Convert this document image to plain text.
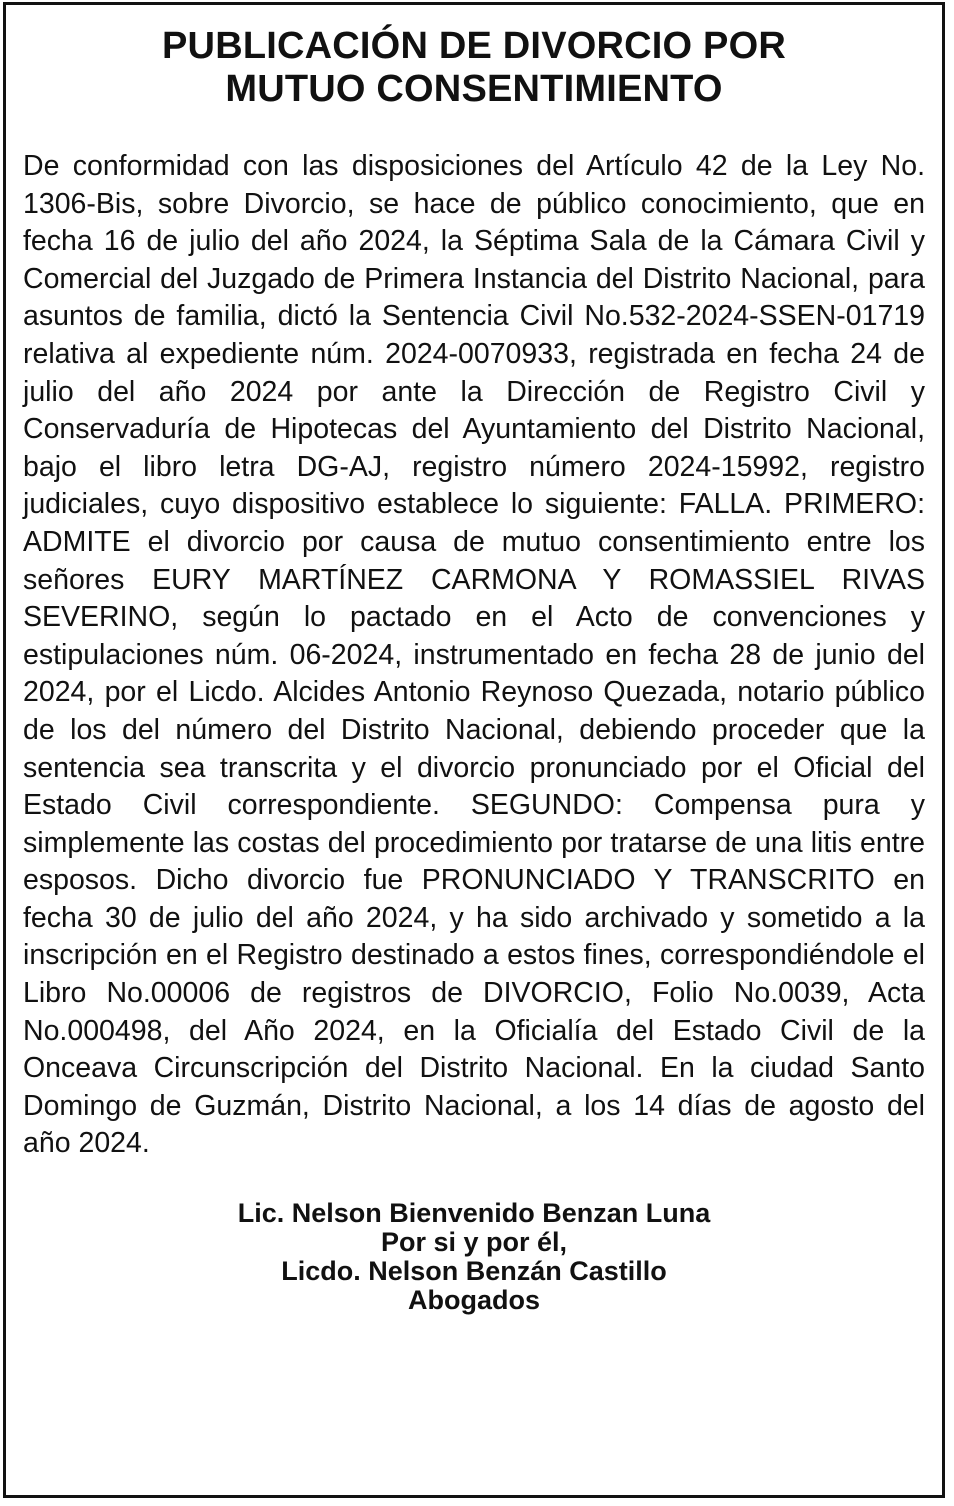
PUBLICACIÓN DE DIVORCIO POR
MUTUO CONSENTIMIENTO

De conformidad con las disposiciones del Artículo 42 de la Ley No. 1306-Bis, sobre Divorcio, se hace de público conocimiento, que en fecha 16 de julio del año 2024, la Séptima Sala de la Cámara Civil y Comercial del Juzgado de Primera Instancia del Distrito Nacional, para asuntos de familia, dictó la Sentencia Civil No.532-2024-SSEN-01719 relativa al expediente núm. 2024-0070933, registrada en fecha 24 de julio del año 2024 por ante la Dirección de Registro Civil y Conservaduría de Hipotecas del Ayuntamiento del Distrito Nacional, bajo el libro letra DG-AJ, registro número 2024-15992, registro judiciales, cuyo dispositivo establece lo siguiente: FALLA. PRIMERO: ADMITE el divorcio por causa de mutuo consentimiento entre los señores EURY MARTÍNEZ CARMONA Y ROMASSIEL RIVAS SEVERINO, según lo pactado en el Acto de convenciones y estipulaciones núm. 06-2024, instrumentado en fecha 28 de junio del 2024, por el Licdo. Alcides Antonio Reynoso Quezada, notario público de los del número del Distrito Nacional, debiendo proceder que la sentencia sea transcrita y el divorcio pronunciado por el Oficial del Estado Civil correspondiente. SEGUNDO: Compensa pura y simplemente las costas del procedimiento por tratarse de una litis entre esposos. Dicho divorcio fue PRONUNCIADO Y TRANSCRITO en fecha 30 de julio del año 2024, y ha sido archivado y sometido a la inscripción en el Registro destinado a estos fines, correspondiéndole el Libro No.00006 de registros de DIVORCIO, Folio No.0039, Acta No.000498, del Año 2024, en la Oficialía del Estado Civil de la Onceava Circunscripción del Distrito Nacional. En la ciudad Santo Domingo de Guzmán, Distrito Nacional, a los 14 días de agosto del año 2024.

Lic. Nelson Bienvenido Benzan Luna
Por si y por él,
Licdo. Nelson Benzán Castillo
Abogados
